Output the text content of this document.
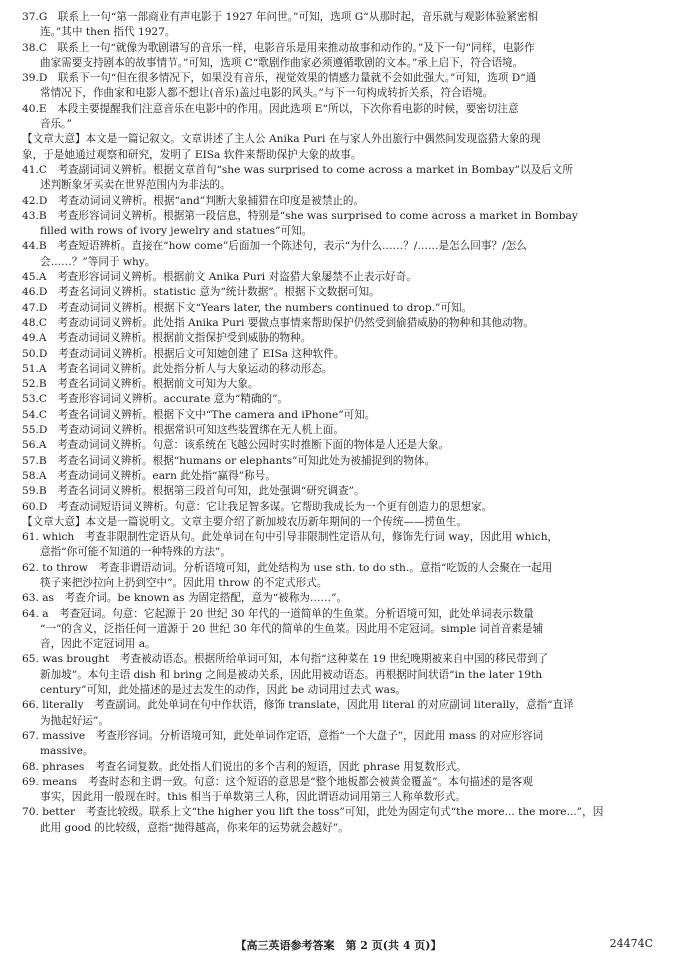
37.G　联系上一句“第一部商业有声电影于 1927 年问世。”可知，选项 G“从那时起，音乐就与观影体验紧密相
连。”其中 then 指代 1927。
38.C　联系上一句“就像为歌剧谱写的音乐一样，电影音乐是用来推动故事和动作的。”及下一句“同样，电影作
曲家需要支持剧本的故事情节。”可知，选项 C“歌剧作曲家必须遵循歌剧的文本。”承上启下，符合语境。
39.D　联系下一句“但在很多情况下，如果没有音乐，视觉效果的情感力量就不会如此强大。”可知，选项 D“通
常情况下，作曲家和电影人都不想让(音乐)盖过电影的风头。”与下一句构成转折关系，符合语境。
40.E　本段主要提醒我们注意音乐在电影中的作用。因此选项 E“所以，下次你看电影的时候，要密切注意
音乐。”
【文章大意】本文是一篇记叙文。文章讲述了主人公 Anika Puri 在与家人外出旅行中偶然间发现盗猎大象的现
象，于是她通过观察和研究，发明了 EISa 软件来帮助保护大象的故事。
41.C　考查副词词义辨析。根据文章首句“she was surprised to come across a market in Bombay”以及后文所
述判断象牙买卖在世界范围内为非法的。
42.D　考查动词词义辨析。根据“and”判断大象捕猎在印度是被禁止的。
43.B　考查形容词词义辨析。根据第一段信息，特别是“she was surprised to come across a market in Bombay
filled with rows of ivory jewelry and statues”可知。
44.B　考查短语辨析。直接在“how come”后面加一个陈述句，表示“为什么……？/……是怎么回事？/怎么
会……？”等同于 why。
45.A　考查形容词词义辨析。根据前文 Anika Puri 对盗猎大象屡禁不止表示好奇。
46.D　考查名词词义辨析。statistic 意为“统计数据”。根据下文数据可知。
47.D　考查动词词义辨析。根据下文“Years later, the numbers continued to drop.”可知。
48.C　考查动词词义辨析。此处指 Anika Puri 要做点事情来帮助保护仍然受到偷猎威胁的物种和其他动物。
49.A　考查动词词义辨析。根据前文指保护受到威胁的物种。
50.D　考查动词词义辨析。根据后文可知她创建了 EISa 这种软件。
51.A　考查名词词义辨析。此处指分析人与大象运动的移动形态。
52.B　考查名词词义辨析。根据前文可知为大象。
53.C　考查形容词词义辨析。accurate 意为“精确的”。
54.C　考查名词词义辨析。根据下文中“The camera and iPhone”可知。
55.D　考查动词词义辨析。根据常识可知这些装置绑在无人机上面。
56.A　考查动词词义辨析。句意：该系统在飞越公园时实时推断下面的物体是人还是大象。
57.B　考查名词词义辨析。根据“humans or elephants”可知此处为被捕捉到的物体。
58.A　考查动词词义辨析。earn 此处指“赢得”称号。
59.B　考查名词词义辨析。根据第三段首句可知，此处强调“研究调查”。
60.D　考查动词短语词义辨析。句意：它让我足智多谋。它帮助我成长为一个更有创造力的思想家。
【文章大意】本文是一篇说明文。文章主要介绍了新加坡农历新年期间的一个传统——捞鱼生。
61. which　考查非限制性定语从句。此处单词在句中引导非限制性定语从句，修饰先行词 way，因此用 which，
意指“你可能不知道的一种特殊的方法”。
62. to throw　考查非谓语动词。分析语境可知，此处结构为 use sth. to do sth.。意指“吃饭的人会聚在一起用
筷子来把沙拉向上扔到空中”。因此用 throw 的不定式形式。
63. as　考查介词。be known as 为固定搭配，意为“被称为……”。
64. a　考查冠词。句意：它起源于 20 世纪 30 年代的一道简单的生鱼菜。分析语境可知，此处单词表示数量
“一”的含义，泛指任何一道源于 20 世纪 30 年代的简单的生鱼菜。因此用不定冠词。simple 词首音素是辅
音，因此不定冠词用 a。
65. was brought　考查被动语态。根据所给单词可知，本句指“这种菜在 19 世纪晚期被来自中国的移民带到了
新加坡”。本句主语 dish 和 bring 之间是被动关系，因此用被动语态。再根据时间状语“in the later 19th
century”可知，此处描述的是过去发生的动作，因此 be 动词用过去式 was。
66. literally　考查副词。此处单词在句中作状语，修饰 translate，因此用 literal 的对应副词 literally，意指“直译
为抛起好运”。
67. massive　考查形容词。分析语境可知，此处单词作定语，意指“一个大盘子”，因此用 mass 的对应形容词
massive。
68. phrases　考查名词复数。此处指人们说出的多个吉利的短语，因此 phrase 用复数形式。
69. means　考查时态和主谓一致。句意：这个短语的意思是“整个地板都会被黄金覆盖”。本句描述的是客观
事实，因此用一般现在时。this 相当于单数第三人称，因此谓语动词用第三人称单数形式。
70. better　考查比较级。联系上文“the higher you lift the toss”可知，此处为固定句式“the more... the more...”，因
此用 good 的比较级，意指“抛得越高，你来年的运势就会越好”。
【高三英语参考答案　第 2 页(共 4 页)】	24474C
